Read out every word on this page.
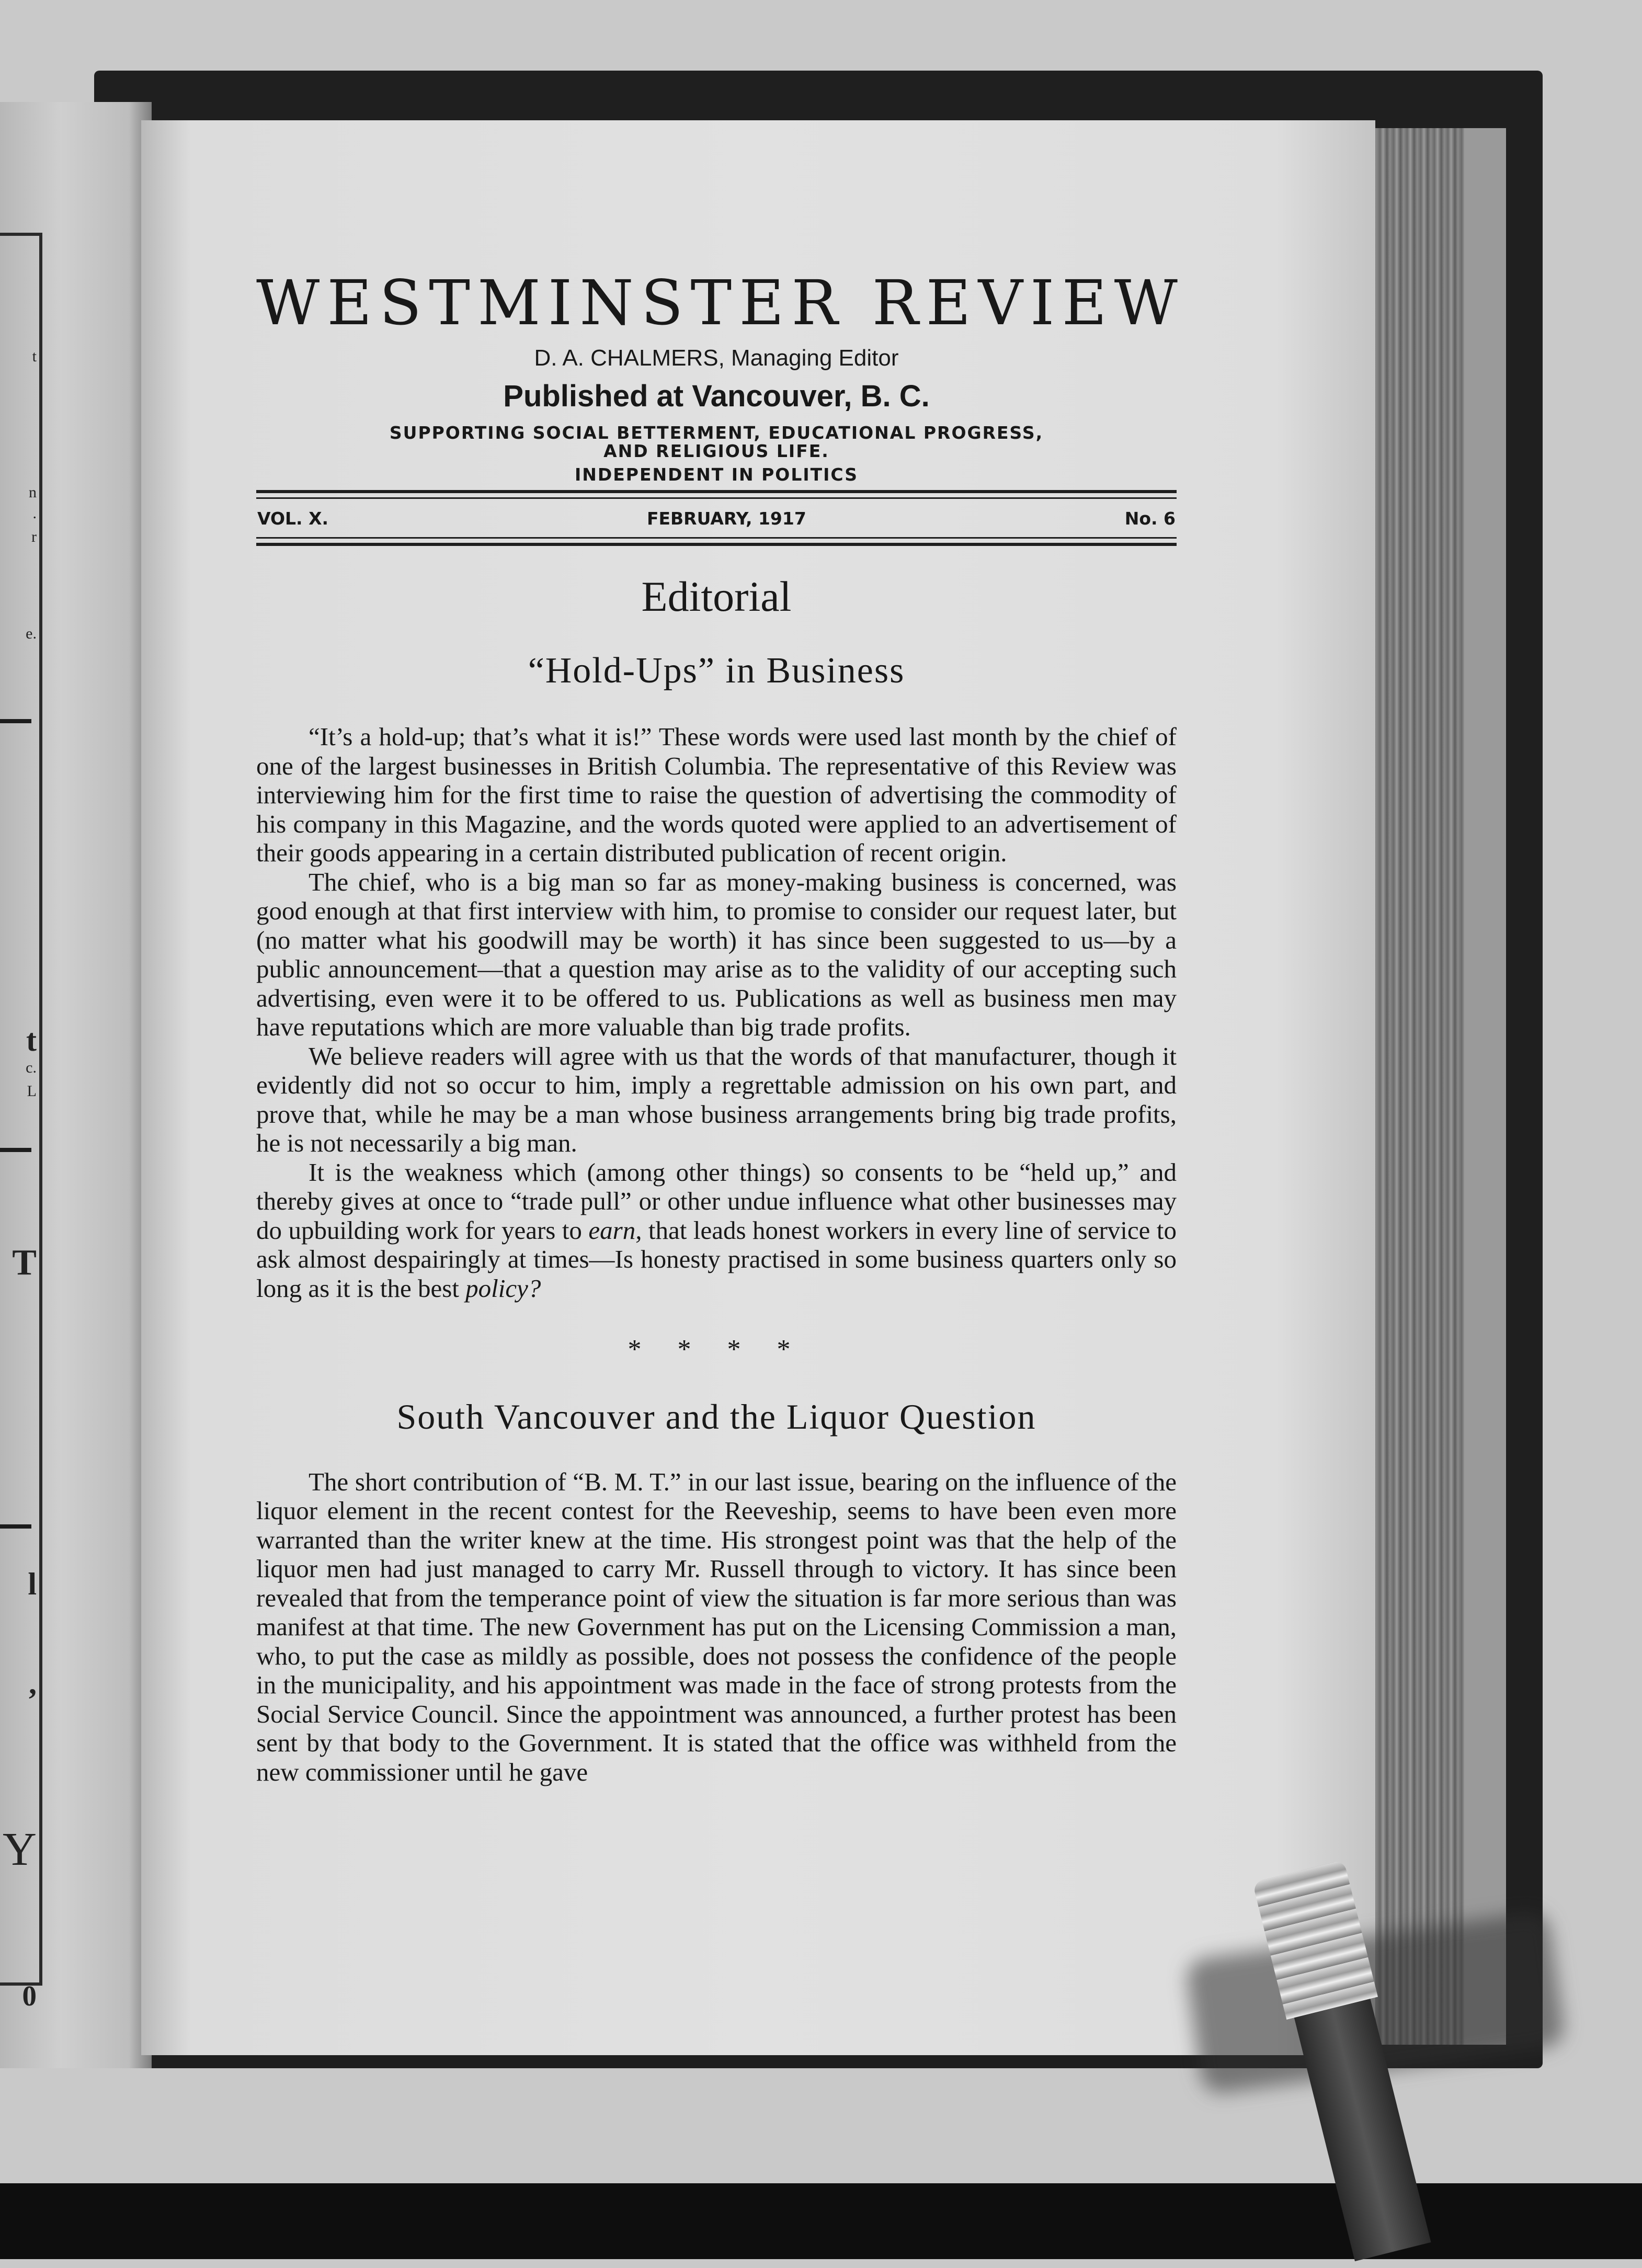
t
n
.
r
e.
t
c.
L
T
l
,
Y
0
WESTMINSTER REVIEW
D. A. CHALMERS, Managing Editor
Published at Vancouver, B. C.
SUPPORTING SOCIAL BETTERMENT, EDUCATIONAL PROGRESS,
AND RELIGIOUS LIFE.
INDEPENDENT IN POLITICS
VOL. X.	FEBRUARY, 1917	No. 6
Editorial
“Hold-Ups” in Business

“It’s a hold-up; that’s what it is!” These words were used last month by the chief of one of the largest businesses in British Columbia. The representative of this Review was interviewing him for the first time to raise the question of advertising the commodity of his company in this Magazine, and the words quoted were applied to an advertisement of their goods appearing in a certain distributed publication of recent origin.

The chief, who is a big man so far as money-making business is concerned, was good enough at that first interview with him, to promise to consider our request later, but (no matter what his goodwill may be worth) it has since been suggested to us—by a public announcement—that a question may arise as to the validity of our accepting such advertising, even were it to be offered to us. Publications as well as business men may have reputations which are more valuable than big trade profits.

We believe readers will agree with us that the words of that manufacturer, though it evidently did not so occur to him, imply a regrettable admission on his own part, and prove that, while he may be a man whose business arrangements bring big trade profits, he is not necessarily a big man.

It is the weakness which (among other things) so consents to be “held up,” and thereby gives at once to “trade pull” or other undue influence what other businesses may do upbuilding work for years to earn, that leads honest workers in every line of service to ask almost despairingly at times—Is honesty practised in some business quarters only so long as it is the best policy?

* * * *
South Vancouver and the Liquor Question

The short contribution of “B. M. T.” in our last issue, bearing on the influence of the liquor element in the recent contest for the Reeveship, seems to have been even more warranted than the writer knew at the time. His strongest point was that the help of the liquor men had just managed to carry Mr. Russell through to victory. It has since been revealed that from the temperance point of view the situation is far more serious than was manifest at that time. The new Government has put on the Licensing Commission a man, who, to put the case as mildly as possible, does not possess the confidence of the people in the municipality, and his appointment was made in the face of strong protests from the Social Service Council. Since the appointment was announced, a further protest has been sent by that body to the Government. It is stated that the office was withheld from the new commissioner until he gave
